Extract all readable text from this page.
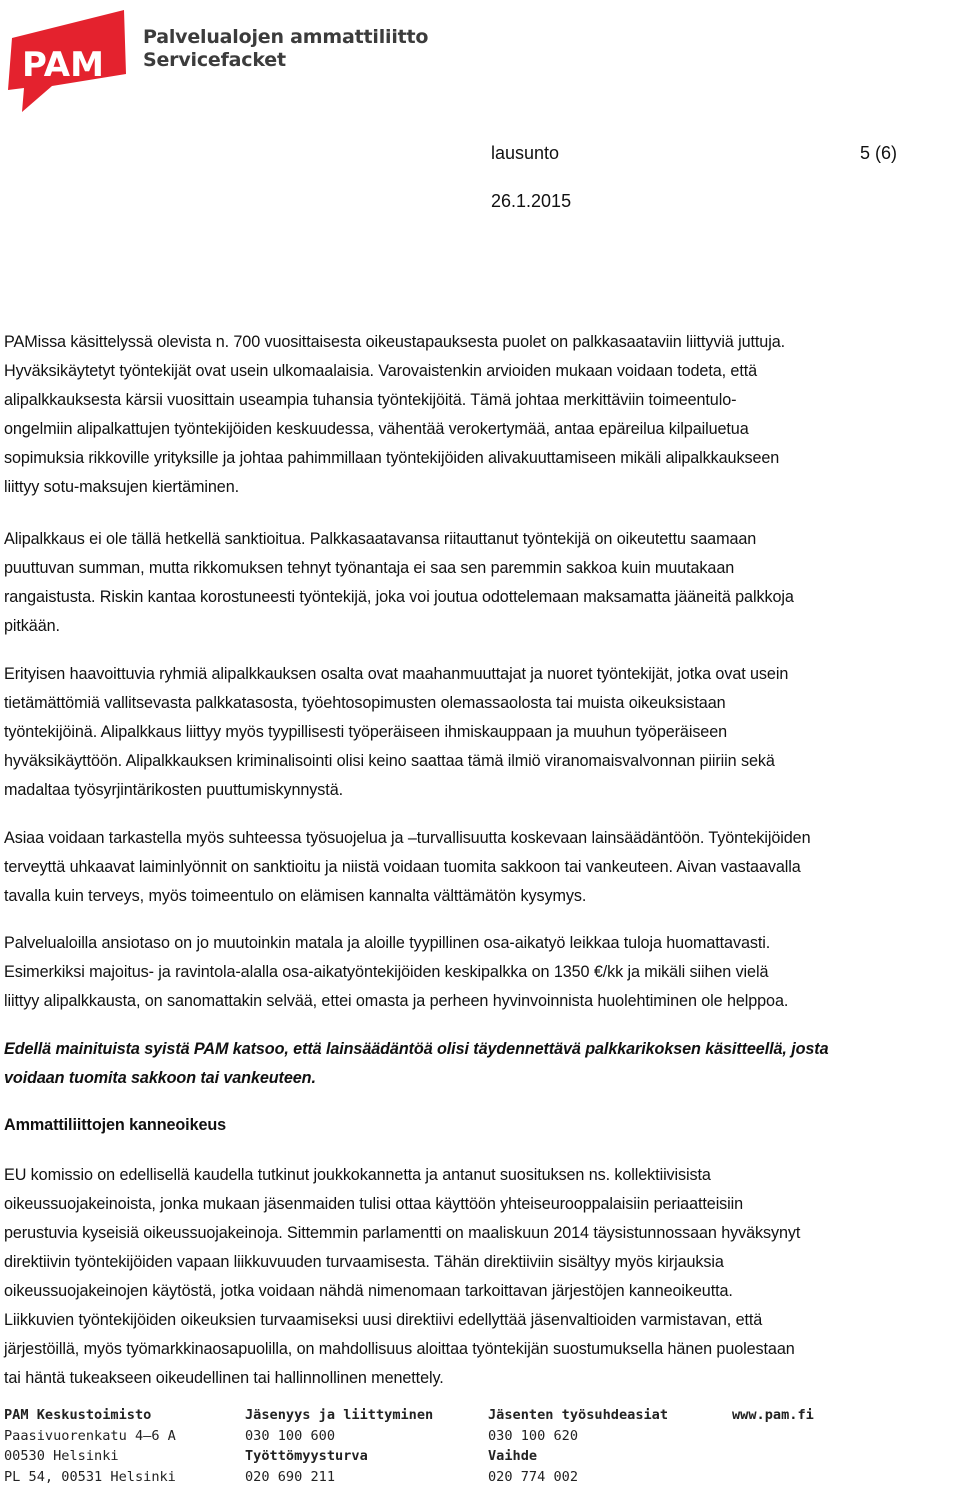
PAM
Palvelualojen ammattiliitto
Servicefacket
lausunto	5 (6)
26.1.2015
PAMissa käsittelyssä olevista n. 700 vuosittaisesta oikeustapauksesta puolet on palkkasaataviin liittyviä juttuja.
Hyväksikäytetyt työntekijät ovat usein ulkomaalaisia. Varovaistenkin arvioiden mukaan voidaan todeta, että
alipalkkauksesta kärsii vuosittain useampia tuhansia työntekijöitä. Tämä johtaa merkittäviin toimeentulo-
ongelmiin alipalkattujen työntekijöiden keskuudessa, vähentää verokertymää, antaa epäreilua kilpailuetua
sopimuksia rikkoville yrityksille ja johtaa pahimmillaan työntekijöiden alivakuuttamiseen mikäli alipalkkaukseen
liittyy sotu-maksujen kiertäminen.
Alipalkkaus ei ole tällä hetkellä sanktioitua. Palkkasaatavansa riitauttanut työntekijä on oikeutettu saamaan
puuttuvan summan, mutta rikkomuksen tehnyt työnantaja ei saa sen paremmin sakkoa kuin muutakaan
rangaistusta. Riskin kantaa korostuneesti työntekijä, joka voi joutua odottelemaan maksamatta jääneitä palkkoja
pitkään.
Erityisen haavoittuvia ryhmiä alipalkkauksen osalta ovat maahanmuuttajat ja nuoret työntekijät, jotka ovat usein
tietämättömiä vallitsevasta palkkatasosta, työehtosopimusten olemassaolosta tai muista oikeuksistaan
työntekijöinä. Alipalkkaus liittyy myös tyypillisesti työperäiseen ihmiskauppaan ja muuhun työperäiseen
hyväksikäyttöön. Alipalkkauksen kriminalisointi olisi keino saattaa tämä ilmiö viranomaisvalvonnan piiriin sekä
madaltaa työsyrjintärikosten puuttumiskynnystä.
Asiaa voidaan tarkastella myös suhteessa työsuojelua ja –turvallisuutta koskevaan lainsäädäntöön. Työntekijöiden
terveyttä uhkaavat laiminlyönnit on sanktioitu ja niistä voidaan tuomita sakkoon tai vankeuteen. Aivan vastaavalla
tavalla kuin terveys, myös toimeentulo on elämisen kannalta välttämätön kysymys.
Palvelualoilla ansiotaso on jo muutoinkin matala ja aloille tyypillinen osa-aikatyö leikkaa tuloja huomattavasti.
Esimerkiksi majoitus- ja ravintola-alalla osa-aikatyöntekijöiden keskipalkka on 1350 €/kk ja mikäli siihen vielä
liittyy alipalkkausta, on sanomattakin selvää, ettei omasta ja perheen hyvinvoinnista huolehtiminen ole helppoa.
Edellä mainituista syistä PAM katsoo, että lainsäädäntöä olisi täydennettävä palkkarikoksen käsitteellä, josta
voidaan tuomita sakkoon tai vankeuteen.
Ammattiliittojen kanneoikeus
EU komissio on edellisellä kaudella tutkinut joukkokannetta ja antanut suosituksen ns. kollektiivisista
oikeussuojakeinoista, jonka mukaan jäsenmaiden tulisi ottaa käyttöön yhteiseurooppalaisiin periaatteisiin
perustuvia kyseisiä oikeussuojakeinoja. Sittemmin parlamentti on maaliskuun 2014 täysistunnossaan hyväksynyt
direktiivin työntekijöiden vapaan liikkuvuuden turvaamisesta. Tähän direktiiviin sisältyy myös kirjauksia
oikeussuojakeinojen käytöstä, jotka voidaan nähdä nimenomaan tarkoittavan järjestöjen kanneoikeutta.
Liikkuvien työntekijöiden oikeuksien turvaamiseksi uusi direktiivi edellyttää jäsenvaltioiden varmistavan, että
järjestöillä, myös työmarkkinaosapuolilla, on mahdollisuus aloittaa työntekijän suostumuksella hänen puolestaan
tai häntä tukeakseen oikeudellinen tai hallinnollinen menettely.
PAM Keskustoimisto
Paasivuorenkatu 4–6 A
00530 Helsinki
PL 54, 00531 Helsinki
Jäsenyys ja liittyminen
030 100 600
Työttömyysturva
020 690 211
Jäsenten työsuhdeasiat
030 100 620
Vaihde
020 774 002
www.pam.fi
